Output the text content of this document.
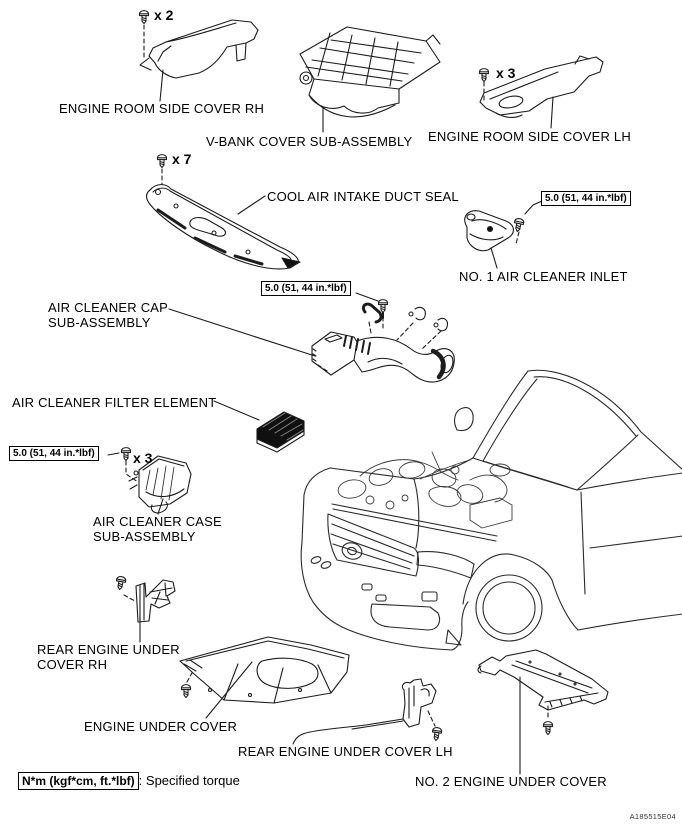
x 2
x 3
x 7
x 3
5.0 (51, 44 in.*lbf)
5.0 (51, 44 in.*lbf)
5.0 (51, 44 in.*lbf)
ENGINE ROOM SIDE COVER RH
V-BANK COVER SUB-ASSEMBLY ENGINE ROOM SIDE COVER LH
COOL AIR INTAKE DUCT SEAL
NO. 1 AIR CLEANER INLET
AIR CLEANER CAP
SUB-ASSEMBLY
AIR CLEANER FILTER ELEMENT
AIR CLEANER CASE
SUB-ASSEMBLY
REAR ENGINE UNDER
COVER RH
ENGINE UNDER COVER
REAR ENGINE UNDER COVER LH
NO. 2 ENGINE UNDER COVER
N*m (kgf*cm, ft.*lbf) : Specified torque
A185515E04
